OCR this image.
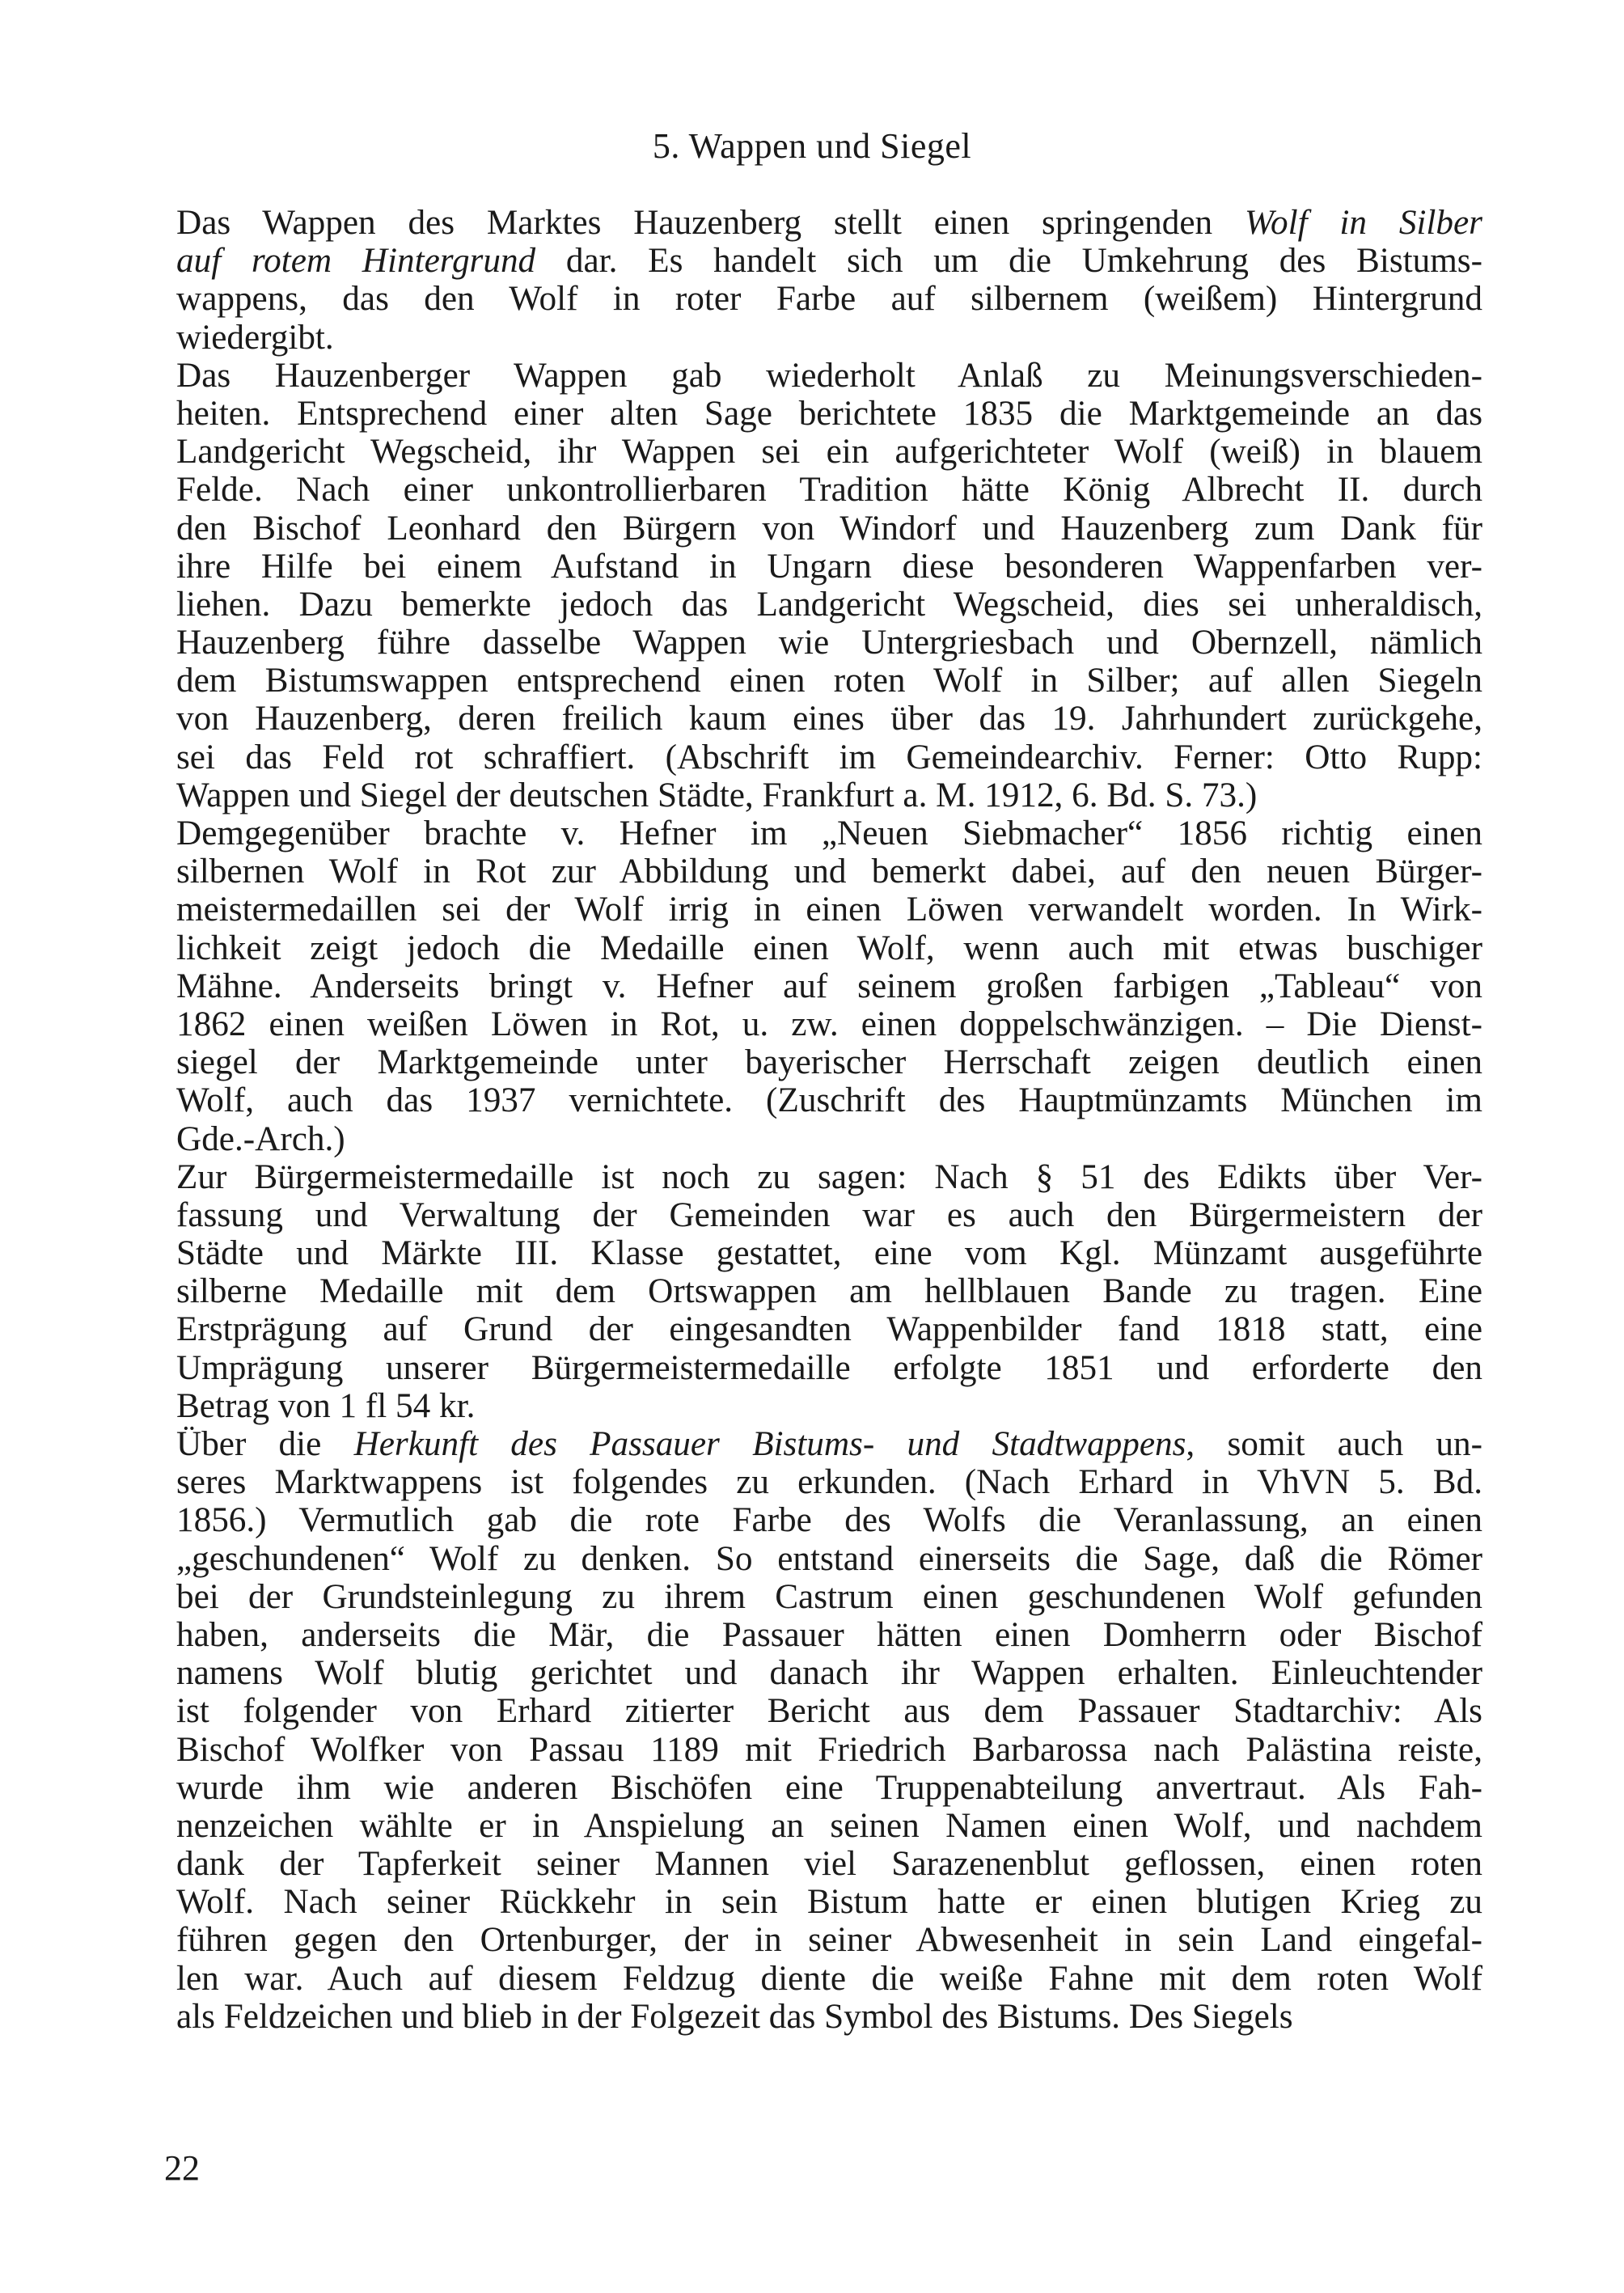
5. Wappen und Siegel
Das Wappen des Marktes Hauzenberg stellt einen springenden Wolf in Silber
auf rotem Hintergrund dar. Es handelt sich um die Umkehrung des Bistums-
wappens, das den Wolf in roter Farbe auf silbernem (weißem) Hintergrund
wiedergibt.
Das Hauzenberger Wappen gab wiederholt Anlaß zu Meinungsverschieden-
heiten. Entsprechend einer alten Sage berichtete 1835 die Marktgemeinde an das
Landgericht Wegscheid, ihr Wappen sei ein aufgerichteter Wolf (weiß) in blauem
Felde. Nach einer unkontrollierbaren Tradition hätte König Albrecht II. durch
den Bischof Leonhard den Bürgern von Windorf und Hauzenberg zum Dank für
ihre Hilfe bei einem Aufstand in Ungarn diese besonderen Wappenfarben ver-
liehen. Dazu bemerkte jedoch das Landgericht Wegscheid, dies sei unheraldisch,
Hauzenberg führe dasselbe Wappen wie Untergriesbach und Obernzell, nämlich
dem Bistumswappen entsprechend einen roten Wolf in Silber; auf allen Siegeln
von Hauzenberg, deren freilich kaum eines über das 19. Jahrhundert zurückgehe,
sei das Feld rot schraffiert. (Abschrift im Gemeindearchiv. Ferner: Otto Rupp:
Wappen und Siegel der deutschen Städte, Frankfurt a. M. 1912, 6. Bd. S. 73.)
Demgegenüber brachte v. Hefner im „Neuen Siebmacher“ 1856 richtig einen
silbernen Wolf in Rot zur Abbildung und bemerkt dabei, auf den neuen Bürger-
meistermedaillen sei der Wolf irrig in einen Löwen verwandelt worden. In Wirk-
lichkeit zeigt jedoch die Medaille einen Wolf, wenn auch mit etwas buschiger
Mähne. Anderseits bringt v. Hefner auf seinem großen farbigen „Tableau“ von
1862 einen weißen Löwen in Rot, u. zw. einen doppelschwänzigen. – Die Dienst-
siegel der Marktgemeinde unter bayerischer Herrschaft zeigen deutlich einen
Wolf, auch das 1937 vernichtete. (Zuschrift des Hauptmünzamts München im
Gde.-Arch.)
Zur Bürgermeistermedaille ist noch zu sagen: Nach § 51 des Edikts über Ver-
fassung und Verwaltung der Gemeinden war es auch den Bürgermeistern der
Städte und Märkte III. Klasse gestattet, eine vom Kgl. Münzamt ausgeführte
silberne Medaille mit dem Ortswappen am hellblauen Bande zu tragen. Eine
Erstprägung auf Grund der eingesandten Wappenbilder fand 1818 statt, eine
Umprägung unserer Bürgermeistermedaille erfolgte 1851 und erforderte den
Betrag von 1 fl 54 kr.
Über die Herkunft des Passauer Bistums- und Stadtwappens, somit auch un-
seres Marktwappens ist folgendes zu erkunden. (Nach Erhard in VhVN 5. Bd.
1856.) Vermutlich gab die rote Farbe des Wolfs die Veranlassung, an einen
„geschundenen“ Wolf zu denken. So entstand einerseits die Sage, daß die Römer
bei der Grundsteinlegung zu ihrem Castrum einen geschundenen Wolf gefunden
haben, anderseits die Mär, die Passauer hätten einen Domherrn oder Bischof
namens Wolf blutig gerichtet und danach ihr Wappen erhalten. Einleuchtender
ist folgender von Erhard zitierter Bericht aus dem Passauer Stadtarchiv: Als
Bischof Wolfker von Passau 1189 mit Friedrich Barbarossa nach Palästina reiste,
wurde ihm wie anderen Bischöfen eine Truppenabteilung anvertraut. Als Fah-
nenzeichen wählte er in Anspielung an seinen Namen einen Wolf, und nachdem
dank der Tapferkeit seiner Mannen viel Sarazenenblut geflossen, einen roten
Wolf. Nach seiner Rückkehr in sein Bistum hatte er einen blutigen Krieg zu
führen gegen den Ortenburger, der in seiner Abwesenheit in sein Land eingefal-
len war. Auch auf diesem Feldzug diente die weiße Fahne mit dem roten Wolf
als Feldzeichen und blieb in der Folgezeit das Symbol des Bistums. Des Siegels
22
